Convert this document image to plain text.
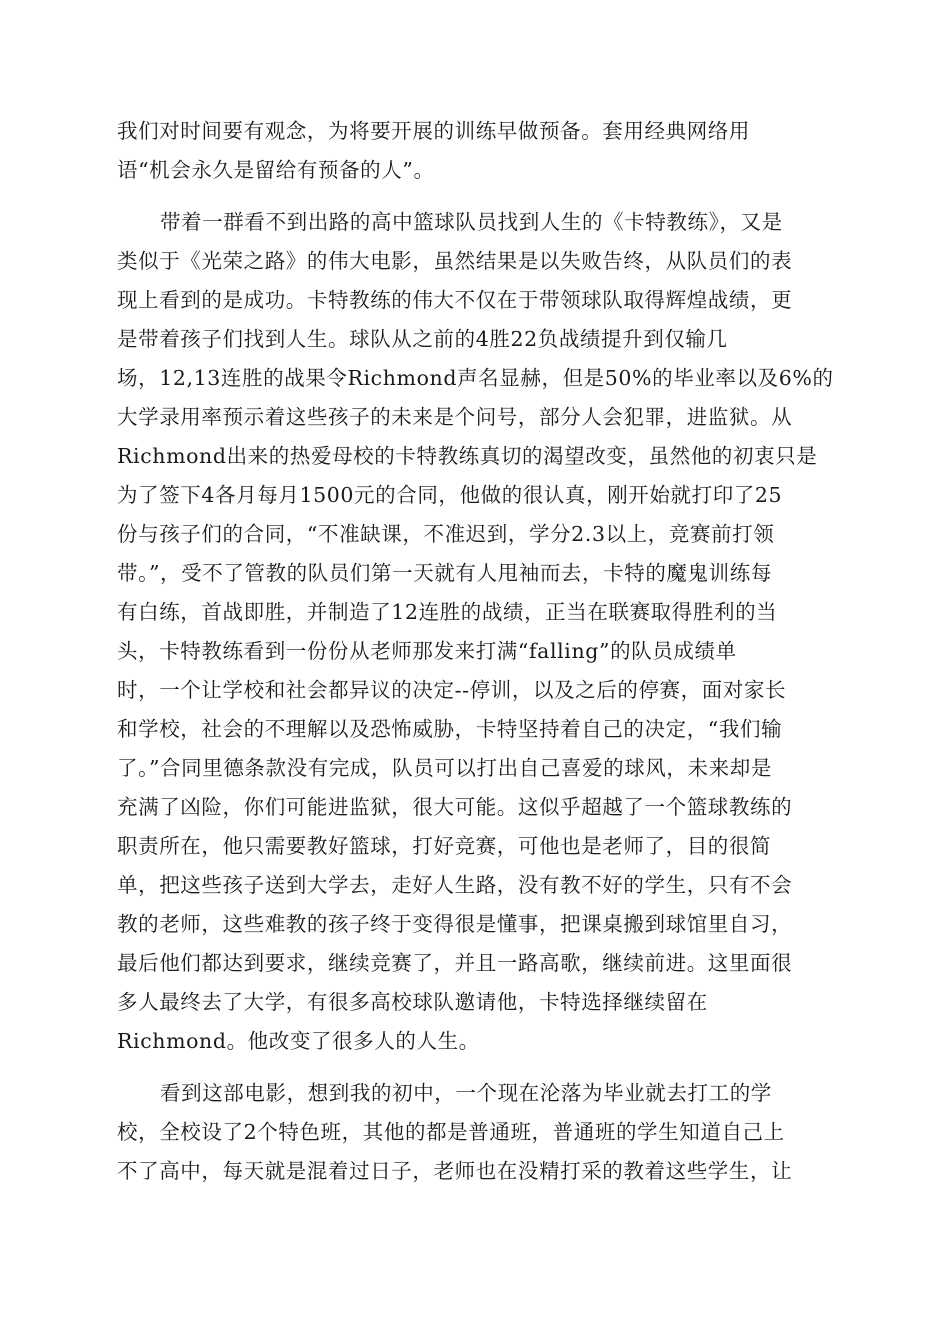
我们对时间要有观念，为将要开展的训练早做预备。套用经典网络用
语“机会永久是留给有预备的人”。
带着一群看不到出路的高中篮球队员找到人生的《卡特教练》，又是
类似于《光荣之路》的伟大电影，虽然结果是以失败告终，从队员们的表
现上看到的是成功。卡特教练的伟大不仅在于带领球队取得辉煌战绩，更
是带着孩子们找到人生。球队从之前的4胜22负战绩提升到仅输几
场，12,13连胜的战果令Richmond声名显赫，但是50%的毕业率以及6%的
大学录用率预示着这些孩子的未来是个问号，部分人会犯罪，进监狱。从
Richmond出来的热爱母校的卡特教练真切的渴望改变，虽然他的初衷只是
为了签下4各月每月1500元的合同，他做的很认真，刚开始就打印了25
份与孩子们的合同，“不准缺课，不准迟到，学分2.3以上，竞赛前打领
带。”，受不了管教的队员们第一天就有人甩袖而去，卡特的魔鬼训练每
有白练，首战即胜，并制造了12连胜的战绩，正当在联赛取得胜利的当
头，卡特教练看到一份份从老师那发来打满“falling”的队员成绩单
时，一个让学校和社会都异议的决定--停训，以及之后的停赛，面对家长
和学校，社会的不理解以及恐怖威胁，卡特坚持着自己的决定，“我们输
了。”合同里德条款没有完成，队员可以打出自己喜爱的球风，未来却是
充满了凶险，你们可能进监狱，很大可能。这似乎超越了一个篮球教练的
职责所在，他只需要教好篮球，打好竞赛，可他也是老师了，目的很简
单，把这些孩子送到大学去，走好人生路，没有教不好的学生，只有不会
教的老师，这些难教的孩子终于变得很是懂事，把课桌搬到球馆里自习，
最后他们都达到要求，继续竞赛了，并且一路高歌，继续前进。这里面很
多人最终去了大学，有很多高校球队邀请他，卡特选择继续留在
Richmond。他改变了很多人的人生。
看到这部电影，想到我的初中，一个现在沦落为毕业就去打工的学
校，全校设了2个特色班，其他的都是普通班，普通班的学生知道自己上
不了高中，每天就是混着过日子，老师也在没精打采的教着这些学生，让
